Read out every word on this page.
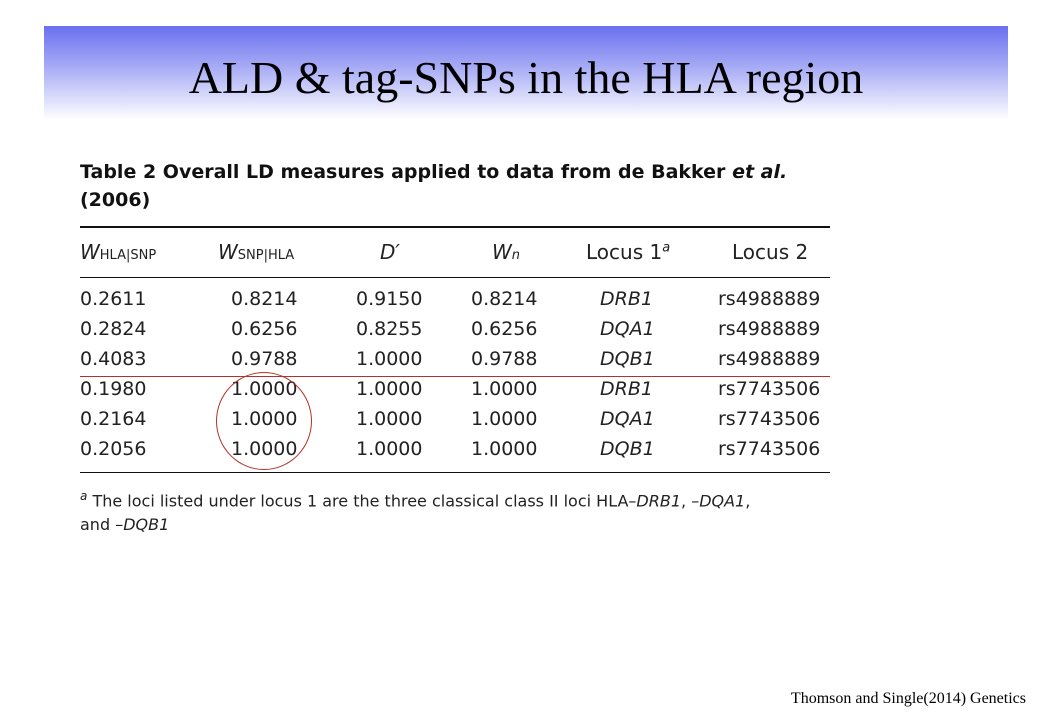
ALD & tag-SNPs in the HLA region
Table 2 Overall LD measures applied to data from de Bakker et al.
(2006)
WHLA|SNP	WSNP|HLA	D′	Wn	Locus 1$^a$	Locus 2
0.2611	0.8214	0.9150	0.8214	DRB1	rs4988889
0.2824	0.6256	0.8255	0.6256	DQA1	rs4988889
0.4083	0.9788	1.0000	0.9788	DQB1	rs4988889
0.1980	1.0000	1.0000	1.0000	DRB1	rs7743506
0.2164	1.0000	1.0000	1.0000	DQA1	rs7743506
0.2056	1.0000	1.0000	1.0000	DQB1	rs7743506
$^a$ The loci listed under locus 1 are the three classical class II loci HLA–DRB1, –DQA1,
and –DQB1
Thomson and Single(2014) Genetics
